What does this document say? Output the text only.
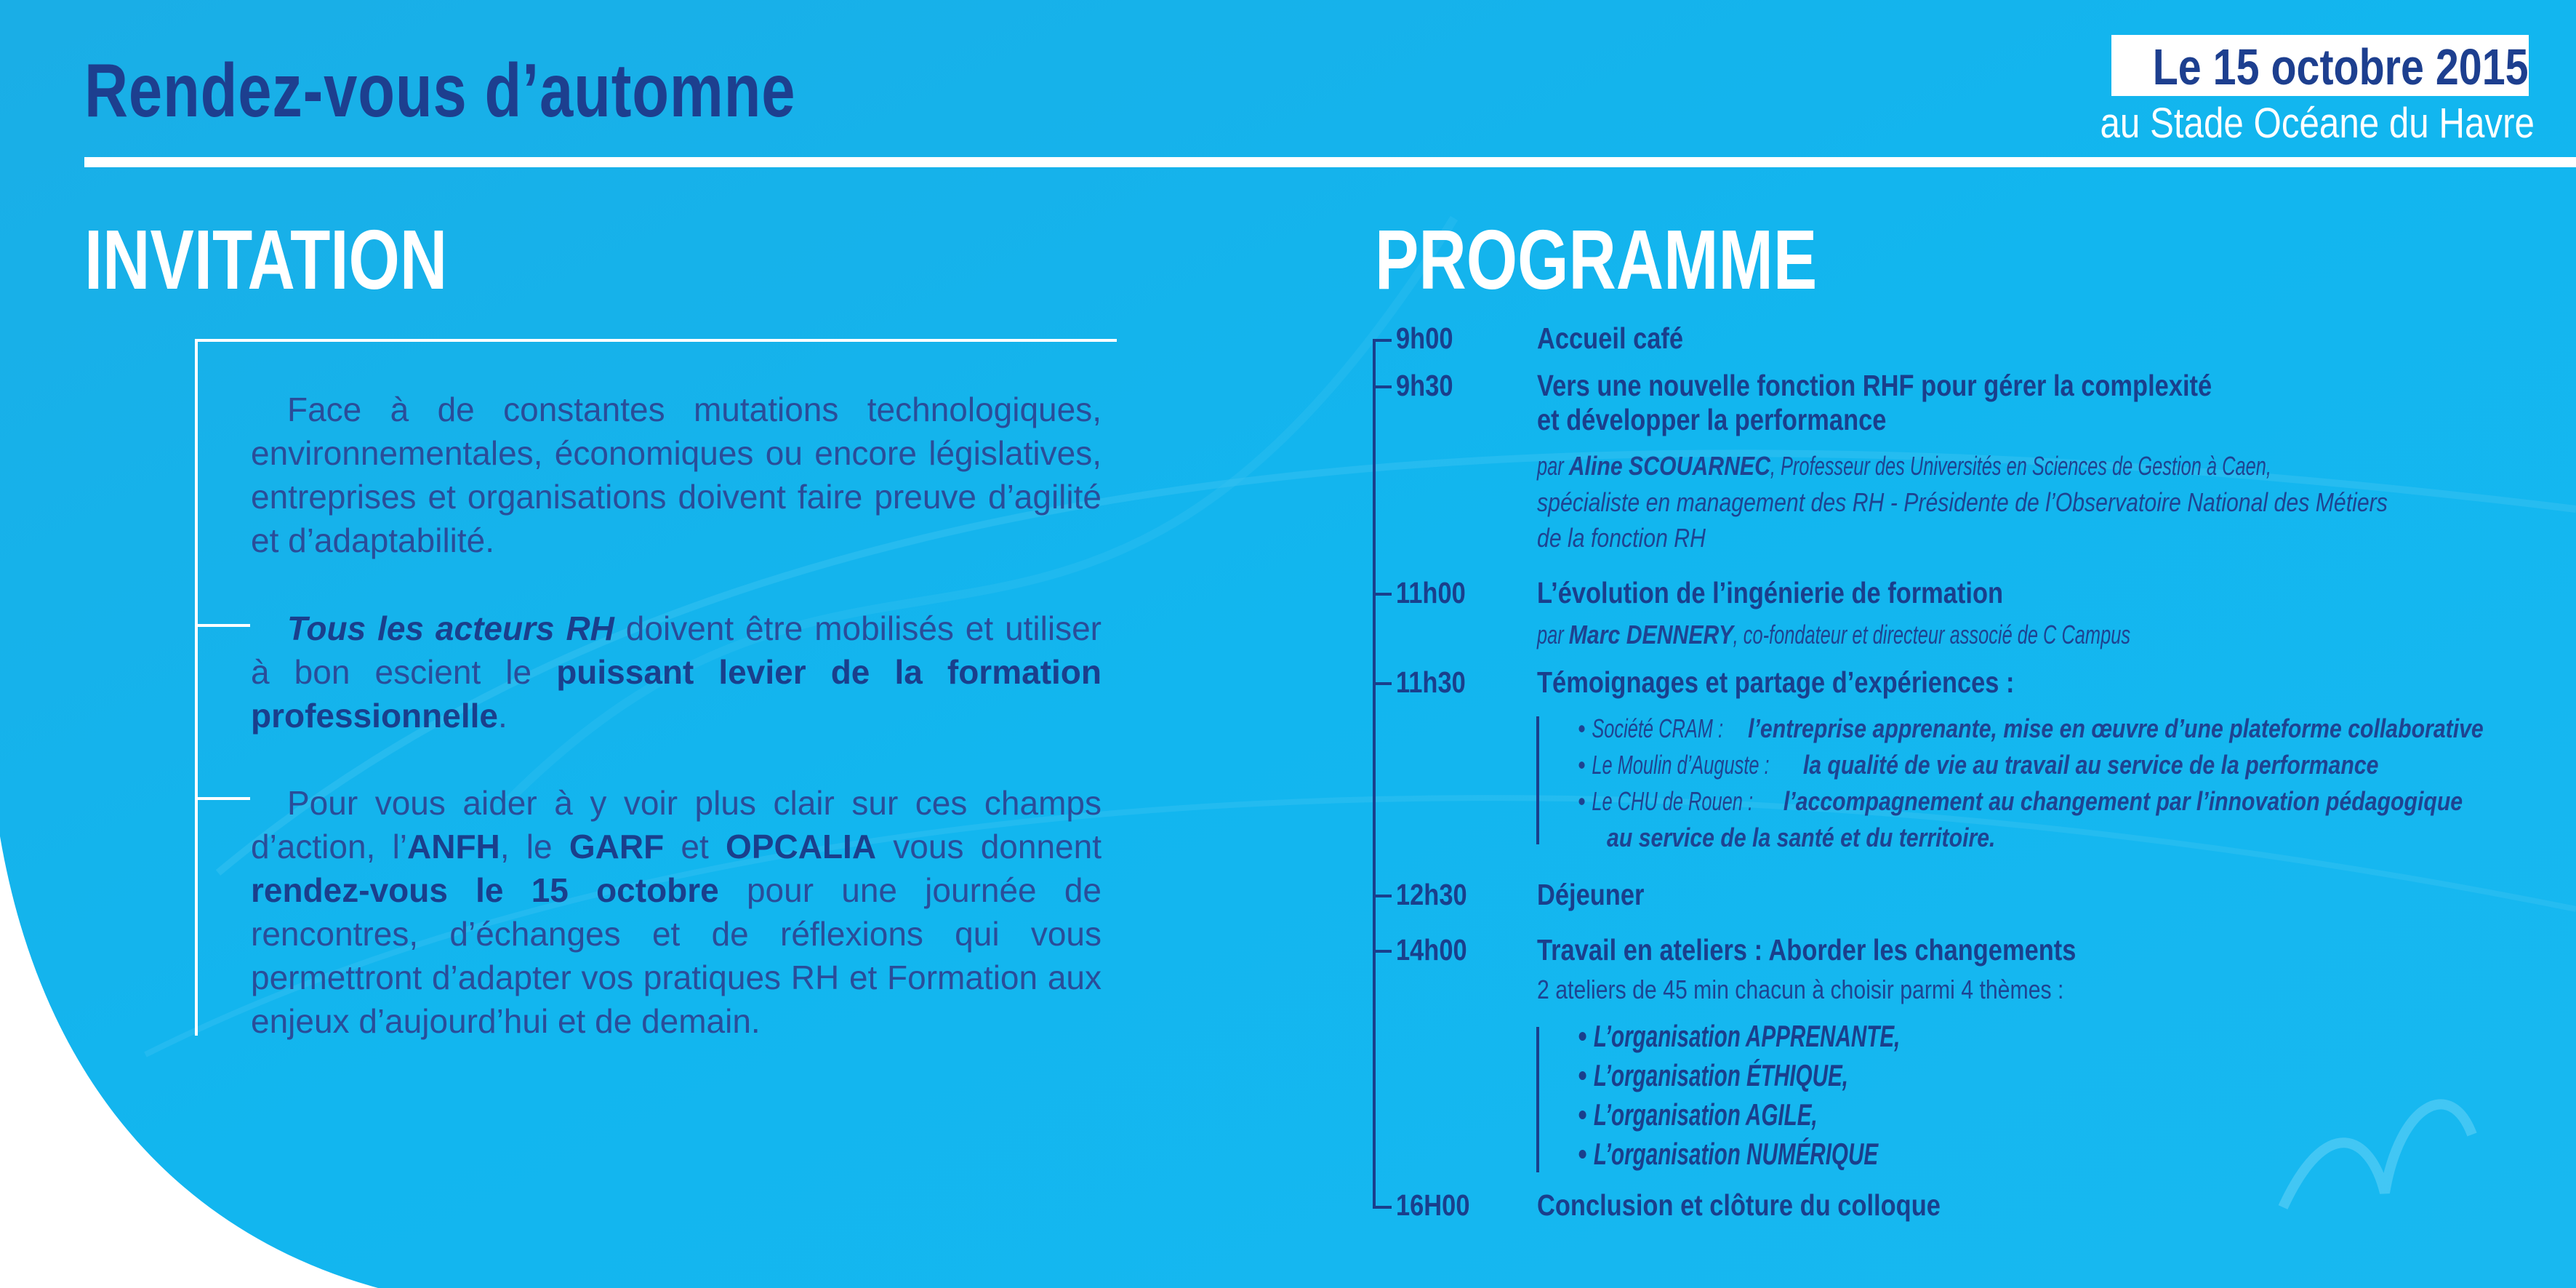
Rendez-vous d’automne	Le 15 octobre 2015
au Stade Océane du Havre
INVITATION
Face à de constantes mutations technologiques, environnementales, économiques ou encore législatives, entreprises et organisations doivent faire preuve d’agilité et d’adaptabilité.
Tous les acteurs RH doivent être mobilisés et utiliser à bon escient le puissant levier de la formation professionnelle.
Pour vous aider à y voir plus clair sur ces champs d’action, l’ANFH, le GARF et OPCALIA vous donnent rendez-vous le 15 octobre pour une journée de rencontres, d’échanges et de réflexions qui vous permettront d’adapter vos pratiques RH et Formation aux enjeux d’aujourd’hui et de demain.
PROGRAMME
9h00	Accueil café
9h30	Vers une nouvelle fonction RHF pour gérer la complexité
et développer la performance
parAline SCOUARNEC, Professeur des Universités en Sciences de Gestion à Caen,
spécialiste en management des RH - Présidente de l’Observatoire National des Métiers
de la fonction RH
11h00	L’évolution de l’ingénierie de formation
parMarc DENNERY, co-fondateur et directeur associé de C Campus
11h30	Témoignages et partage d’expériences :
• Société CRAM :l’entreprise apprenante, mise en œuvre d’une plateforme collaborative
• Le Moulin d’Auguste :la qualité de vie au travail au service de la performance
• Le CHU de Rouen :l’accompagnement au changement par l’innovation pédagogique
au service de la santé et du territoire.
12h30	Déjeuner
14h00	Travail en ateliers : Aborder les changements
2 ateliers de 45 min chacun à choisir parmi 4 thèmes :
• L’organisation APPRENANTE,
• L’organisation ÉTHIQUE,
• L’organisation AGILE,
• L’organisation NUMÉRIQUE
16H00	Conclusion et clôture du colloque
